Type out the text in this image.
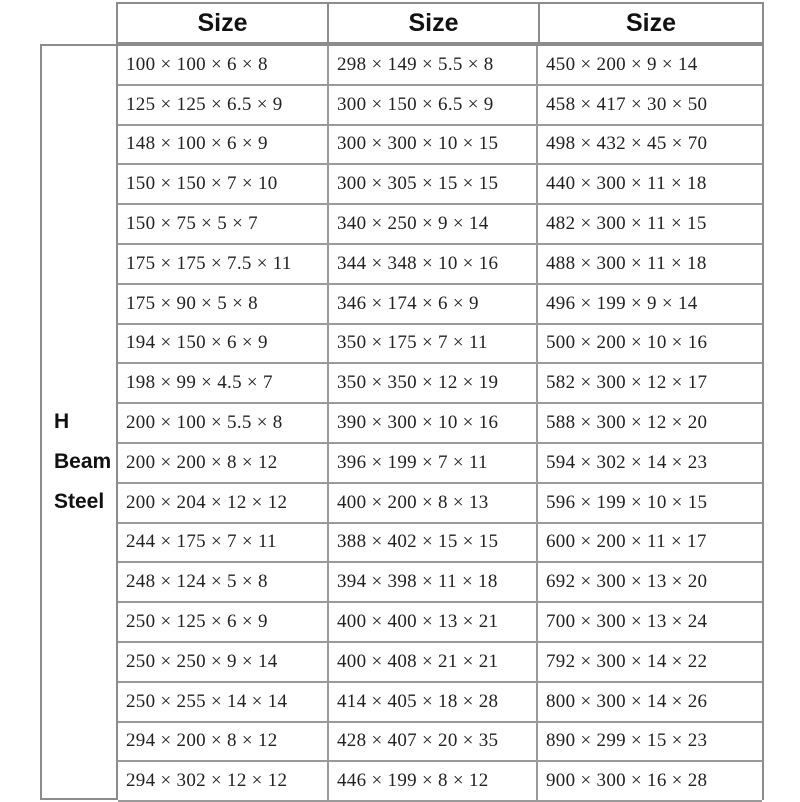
Size	Size	Size
H
Beam
Steel
100 × 100 × 6 × 8	298 × 149 × 5.5 × 8	450 × 200 × 9 × 14
125 × 125 × 6.5 × 9	300 × 150 × 6.5 × 9	458 × 417 × 30 × 50
148 × 100 × 6 × 9	300 × 300 × 10 × 15	498 × 432 × 45 × 70
150 × 150 × 7 × 10	300 × 305 × 15 × 15	440 × 300 × 11 × 18
150 × 75 × 5 × 7	340 × 250 × 9 × 14	482 × 300 × 11 × 15
175 × 175 × 7.5 × 11	344 × 348 × 10 × 16	488 × 300 × 11 × 18
175 × 90 × 5 × 8	346 × 174 × 6 × 9	496 × 199 × 9 × 14
194 × 150 × 6 × 9	350 × 175 × 7 × 11	500 × 200 × 10 × 16
198 × 99 × 4.5 × 7	350 × 350 × 12 × 19	582 × 300 × 12 × 17
200 × 100 × 5.5 × 8	390 × 300 × 10 × 16	588 × 300 × 12 × 20
200 × 200 × 8 × 12	396 × 199 × 7 × 11	594 × 302 × 14 × 23
200 × 204 × 12 × 12	400 × 200 × 8 × 13	596 × 199 × 10 × 15
244 × 175 × 7 × 11	388 × 402 × 15 × 15	600 × 200 × 11 × 17
248 × 124 × 5 × 8	394 × 398 × 11 × 18	692 × 300 × 13 × 20
250 × 125 × 6 × 9	400 × 400 × 13 × 21	700 × 300 × 13 × 24
250 × 250 × 9 × 14	400 × 408 × 21 × 21	792 × 300 × 14 × 22
250 × 255 × 14 × 14	414 × 405 × 18 × 28	800 × 300 × 14 × 26
294 × 200 × 8 × 12	428 × 407 × 20 × 35	890 × 299 × 15 × 23
294 × 302 × 12 × 12	446 × 199 × 8 × 12	900 × 300 × 16 × 28
